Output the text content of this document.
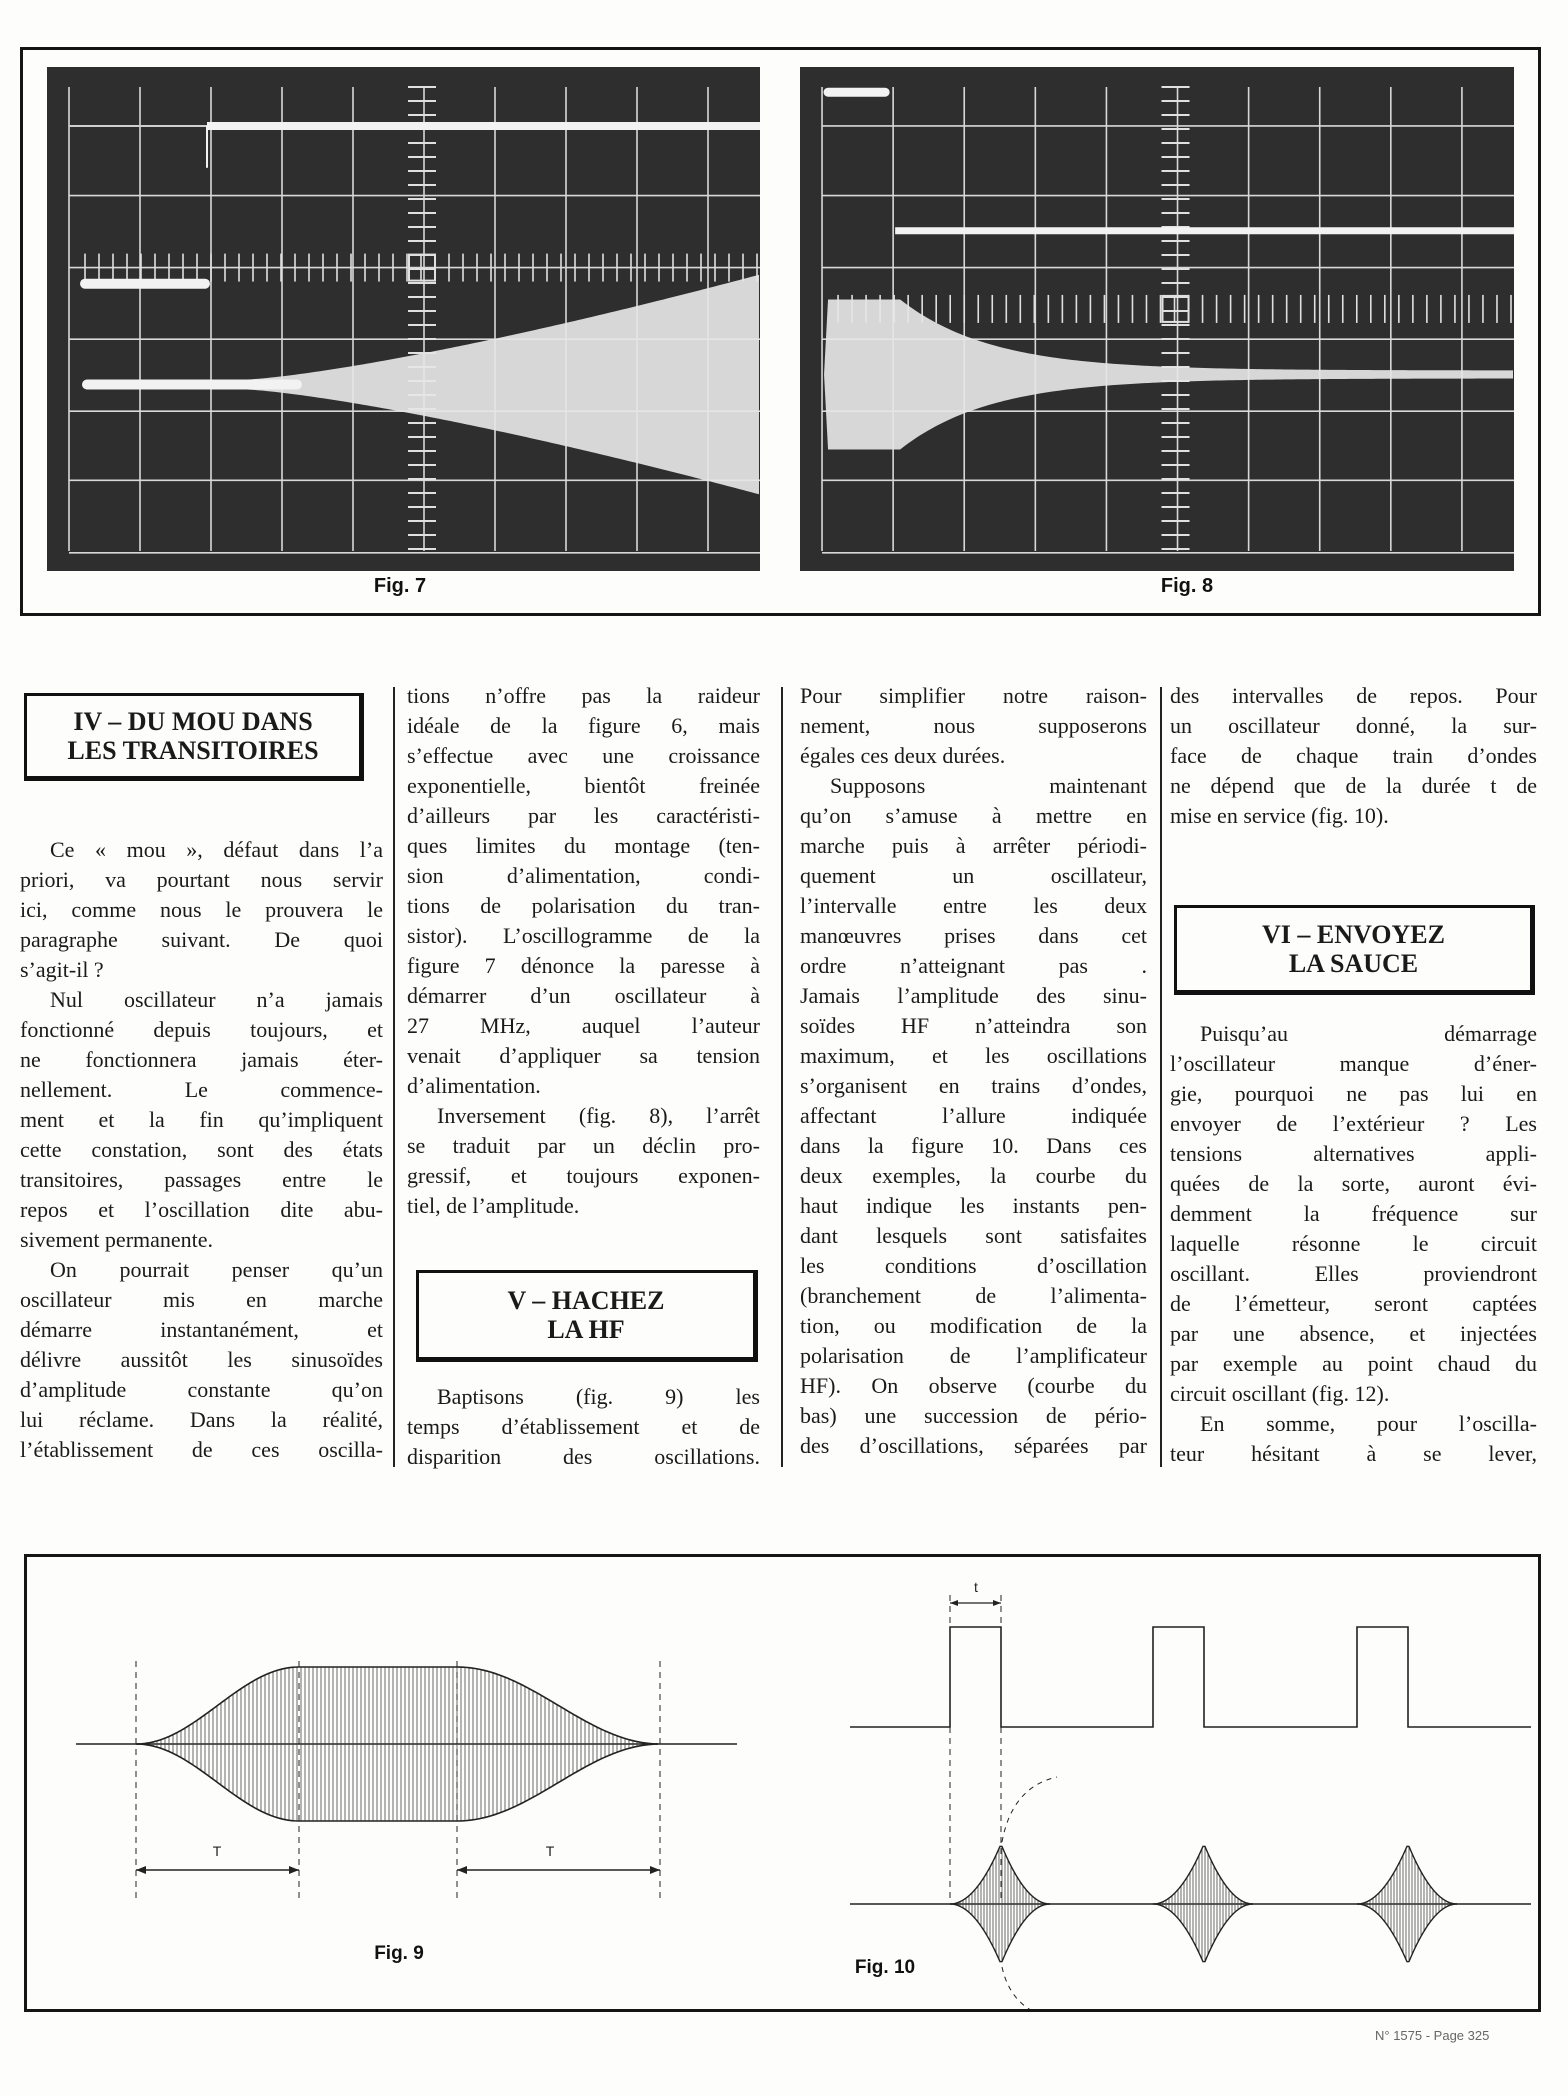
Fig. 7	Fig. 8
IV – DU MOU DANS
LES TRANSITOIRES
V – HACHEZ
LA HF
VI – ENVOYEZ
LA SAUCE
Ce « mou », défaut dans l’a
priori, va pourtant nous servir
ici, comme nous le prouvera le
paragraphe suivant. De quoi
s’agit-il ?
Nul oscillateur n’a jamais
fonctionné depuis toujours, et
ne fonctionnera jamais éter-
nellement. Le commence-
ment et la fin qu’impliquent
cette constation, sont des états
transitoires, passages entre le
repos et l’oscillation dite abu-
sivement permanente.
On pourrait penser qu’un
oscillateur mis en marche
démarre instantanément, et
délivre aussitôt les sinusoïdes
d’amplitude constante qu’on
lui réclame. Dans la réalité,
l’établissement de ces oscilla-
tions n’offre pas la raideur
idéale de la figure 6, mais
s’effectue avec une croissance
exponentielle, bientôt freinée
d’ailleurs par les caractéristi-
ques limites du montage (ten-
sion d’alimentation, condi-
tions de polarisation du tran-
sistor). L’oscillogramme de la
figure 7 dénonce la paresse à
démarrer d’un oscillateur à
27 MHz, auquel l’auteur
venait d’appliquer sa tension
d’alimentation.
Inversement (fig. 8), l’arrêt
se traduit par un déclin pro-
gressif, et toujours exponen-
tiel, de l’amplitude.
Baptisons (fig. 9) les
temps d’établissement et de
disparition des oscillations.
Pour simplifier notre raison-
nement, nous supposerons
égales ces deux durées.
Supposons maintenant
qu’on s’amuse à mettre en
marche puis à arrêter périodi-
quement un oscillateur,
l’intervalle entre les deux
manœuvres prises dans cet
ordre n’atteignant pas .
Jamais l’amplitude des sinu-
soïdes HF n’atteindra son
maximum, et les oscillations
s’organisent en trains d’ondes,
affectant l’allure indiquée
dans la figure 10. Dans ces
deux exemples, la courbe du
haut indique les instants pen-
dant lesquels sont satisfaites
les conditions d’oscillation
(branchement de l’alimenta-
tion, ou modification de la
polarisation de l’amplificateur
HF). On observe (courbe du
bas) une succession de pério-
des d’oscillations, séparées par
des intervalles de repos. Pour
un oscillateur donné, la sur-
face de chaque train d’ondes
ne dépend que de la durée t de
mise en service (fig. 10).
Puisqu’au démarrage
l’oscillateur manque d’éner-
gie, pourquoi ne pas lui en
envoyer de l’extérieur ? Les
tensions alternatives appli-
quées de la sorte, auront évi-
demment la fréquence sur
laquelle résonne le circuit
oscillant. Elles proviendront
de l’émetteur, seront captées
par une absence, et injectées
par exemple au point chaud du
circuit oscillant (fig. 12).
En somme, pour l’oscilla-
teur hésitant à se lever,
T	T
t
Fig. 9
Fig. 10
N° 1575 - Page 325
